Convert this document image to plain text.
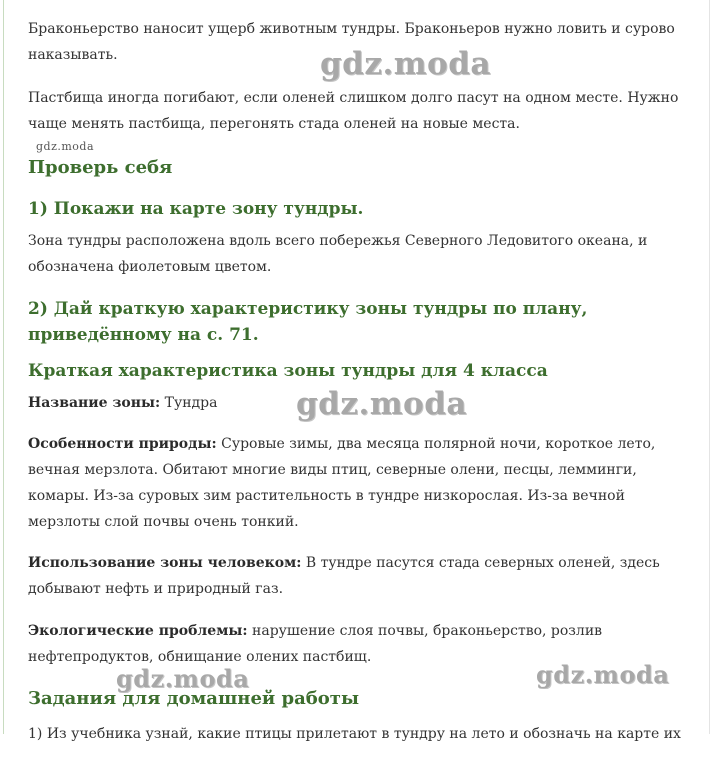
Браконьерство наносит ущерб животным тундры. Браконьеров нужно ловить и сурово наказывать.

Пастбища иногда погибают, если оленей слишком долго пасут на одном месте. Нужно чаще менять пастбища, перегонять стада оленей на новые места.

Проверь себя
1) Покажи на карте зону тундры.

Зона тундры расположена вдоль всего побережья Северного Ледовитого океана, и обозначена фиолетовым цветом.

2) Дай краткую характеристику зоны тундры по плану, приведённому на с. 71.
Краткая характеристика зоны тундры для 4 класса

Название зоны: Тундра

Особенности природы: Суровые зимы, два месяца полярной ночи, короткое лето, вечная мерзлота. Обитают многие виды птиц, северные олени, песцы, лемминги, комары. Из-за суровых зим растительность в тундре низкорослая. Из-за вечной мерзлоты слой почвы очень тонкий.

Использование зоны человеком: В тундре пасутся стада северных оленей, здесь добывают нефть и природный газ.

Экологические проблемы: нарушение слоя почвы, браконьерство, розлив нефтепродуктов, обнищание олених пастбищ.

Задания для домашней работы
1) Из учебника узнай, какие птицы прилетают в тундру на лето и обозначь на карте их
gdz.moda
gdz.moda
gdz.moda
gdz.moda	gdz.moda
